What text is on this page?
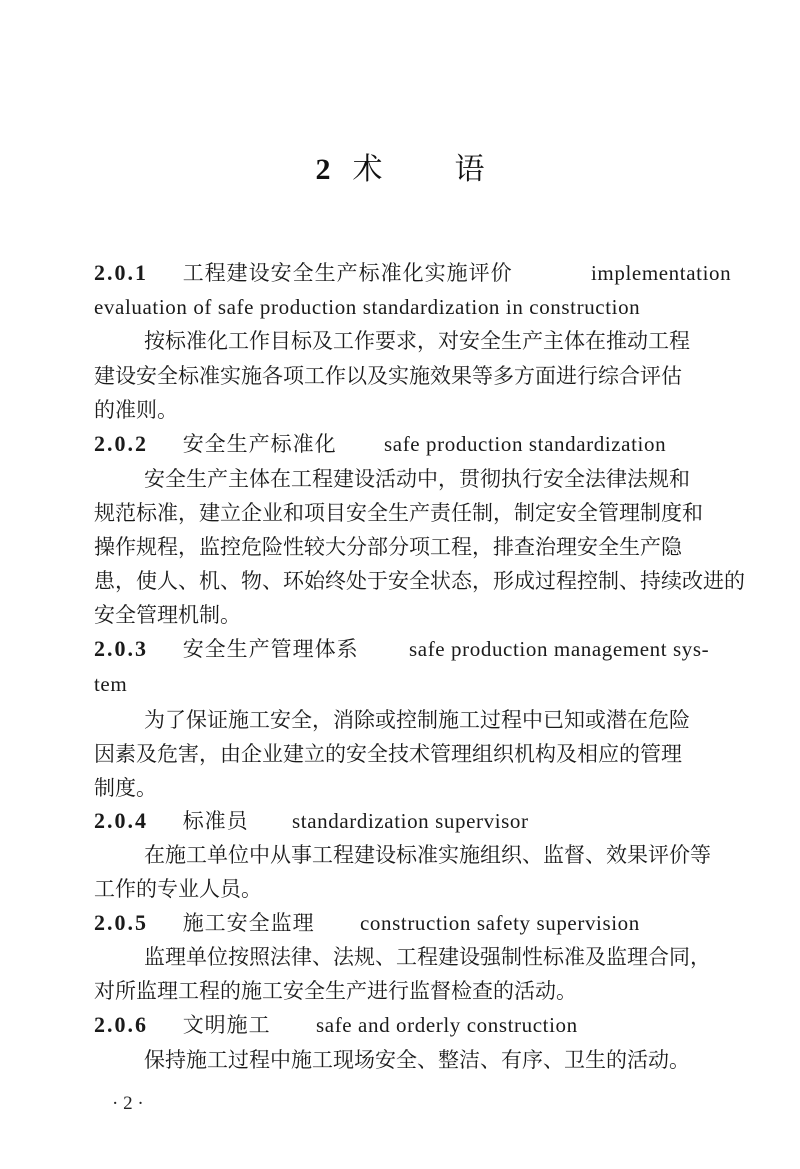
2 术 语
2.0.1 工程建设安全生产标准化实施评价	implementation
evaluation of safe production standardization in construction
按标准化工作目标及工作要求，对安全生产主体在推动工程
建设安全标准实施各项工作以及实施效果等多方面进行综合评估
的准则。
2.0.2 安全生产标准化 safe production standardization
安全生产主体在工程建设活动中，贯彻执行安全法律法规和
规范标准，建立企业和项目安全生产责任制，制定安全管理制度和
操作规程，监控危险性较大分部分项工程，排查治理安全生产隐
患，使人、机、物、环始终处于安全状态，形成过程控制、持续改进的
安全管理机制。
2.0.3 安全生产管理体系 safe production management sys-
tem
为了保证施工安全，消除或控制施工过程中已知或潜在危险
因素及危害，由企业建立的安全技术管理组织机构及相应的管理
制度。
2.0.4 标准员 standardization supervisor
在施工单位中从事工程建设标准实施组织、监督、效果评价等
工作的专业人员。
2.0.5 施工安全监理 construction safety supervision
监理单位按照法律、法规、工程建设强制性标准及监理合同，
对所监理工程的施工安全生产进行监督检查的活动。
2.0.6 文明施工 safe and orderly construction
保持施工过程中施工现场安全、整洁、有序、卫生的活动。
· 2 ·
